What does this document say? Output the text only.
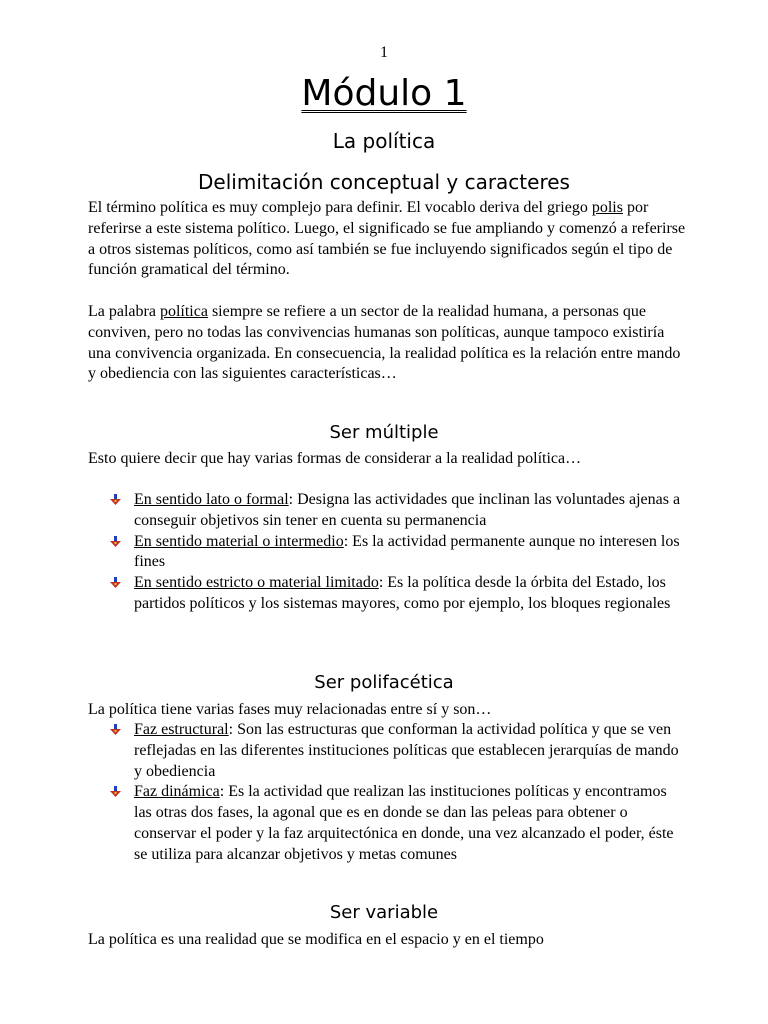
1
Módulo 1
La política
Delimitación conceptual y caracteres

El término política es muy complejo para definir. El vocablo deriva del griego polis por referirse a este sistema político. Luego, el significado se fue ampliando y comenzó a referirse a otros sistemas políticos, como así también se fue incluyendo significados según el tipo de función gramatical del término.

La palabra política siempre se refiere a un sector de la realidad humana, a personas que conviven, pero no todas las convivencias humanas son políticas, aunque tampoco existiría una convivencia organizada. En consecuencia, la realidad política es la relación entre mando y obediencia con las siguientes características…

Ser múltiple

Esto quiere decir que hay varias formas de considerar a la realidad política…

En sentido lato o formal: Designa las actividades que inclinan las voluntades ajenas a conseguir objetivos sin tener en cuenta su permanencia
En sentido material o intermedio: Es la actividad permanente aunque no interesen los fines
En sentido estricto o material limitado: Es la política desde la órbita del Estado, los partidos políticos y los sistemas mayores, como por ejemplo, los bloques regionales
Ser polifacética

La política tiene varias fases muy relacionadas entre sí y son…

Faz estructural: Son las estructuras que conforman la actividad política y que se ven reflejadas en las diferentes instituciones políticas que establecen jerarquías de mando y obediencia
Faz dinámica: Es la actividad que realizan las instituciones políticas y encontramos las otras dos fases, la agonal que es en donde se dan las peleas para obtener o conservar el poder y la faz arquitectónica en donde, una vez alcanzado el poder, éste se utiliza para alcanzar objetivos y metas comunes
Ser variable

La política es una realidad que se modifica en el espacio y en el tiempo
